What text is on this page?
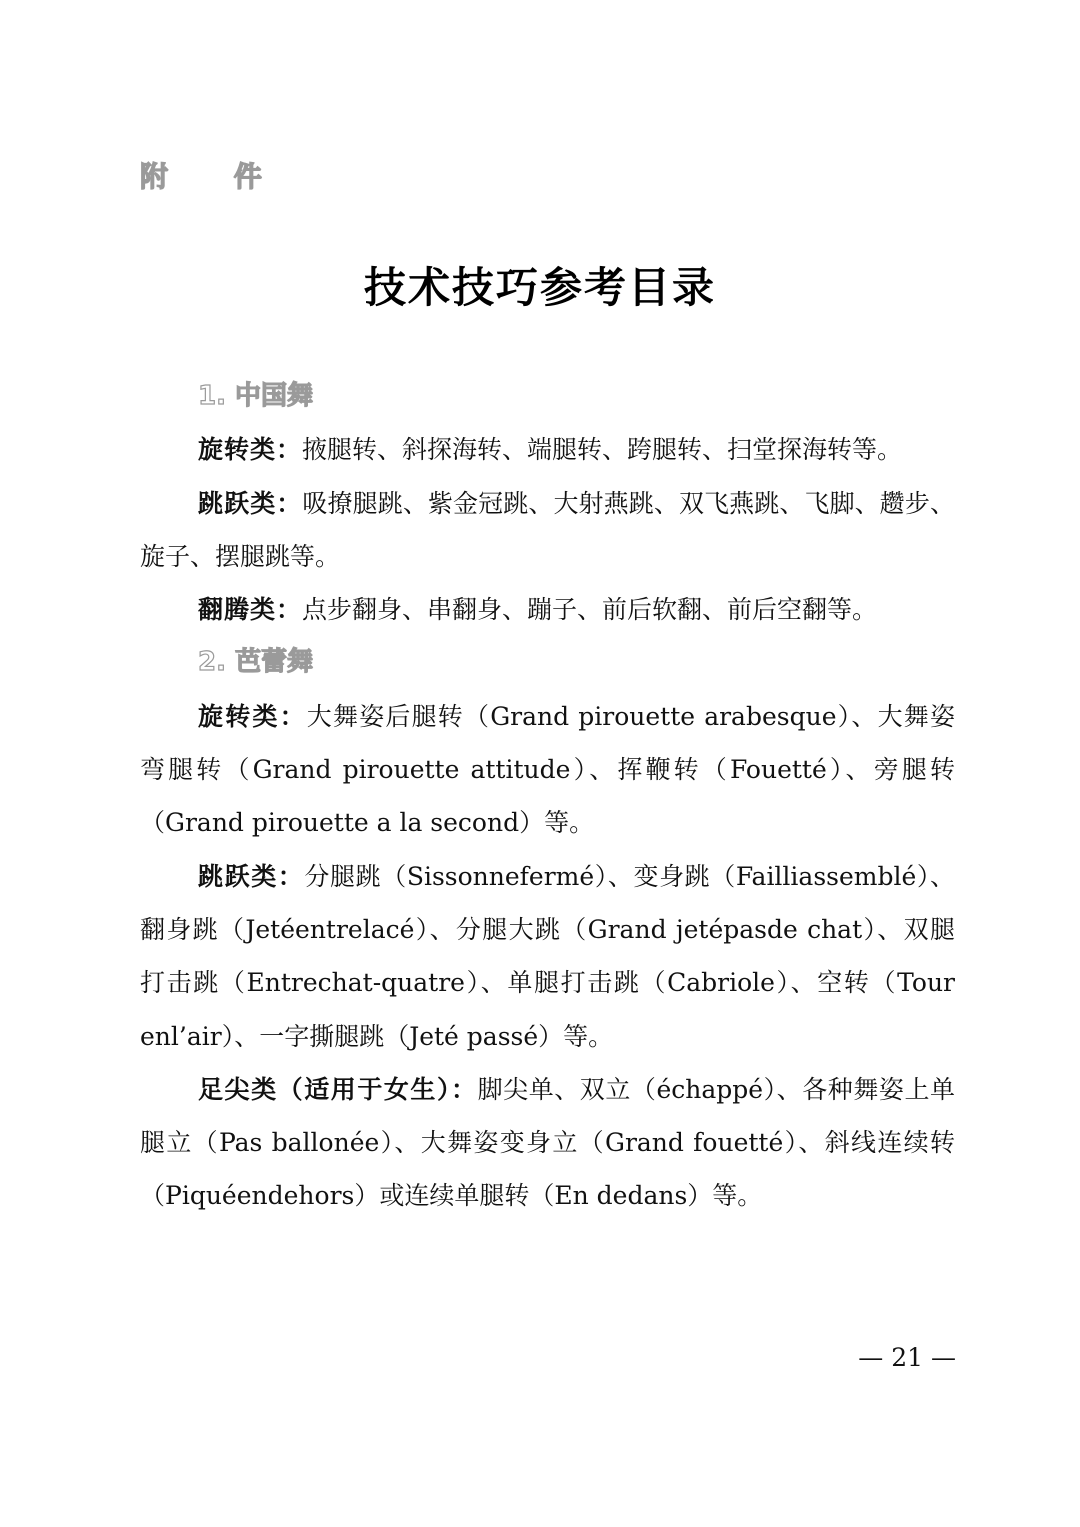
附 件
技术技巧参考目录
1. 中国舞

旋转类：掖腿转、斜探海转、端腿转、跨腿转、扫堂探海转等。

跳跃类：吸撩腿跳、紫金冠跳、大射燕跳、双飞燕跳、飞脚、趱步、旋子、摆腿跳等。

翻腾类：点步翻身、串翻身、蹦子、前后软翻、前后空翻等。

2. 芭蕾舞

旋转类：大舞姿后腿转（Grand pirouette arabesque）、大舞姿弯腿转（Grand pirouette attitude）、挥鞭转（Fouetté）、旁腿转（Grand pirouette a la second）等。

跳跃类：分腿跳（Sissonnefermé）、变身跳（Failliassemblé）、翻身跳（Jetéentrelacé）、分腿大跳（Grand jetépasde chat）、双腿打击跳（Entrechat-quatre）、单腿打击跳（Cabriole）、空转（Tour enl’air）、一字撕腿跳（Jeté passé）等。

足尖类（适用于女生）：脚尖单、双立（échappé）、各种舞姿上单腿立（Pas ballonée）、大舞姿变身立（Grand fouetté）、斜线连续转（Piquéendehors）或连续单腿转（En dedans）等。

— 21 —
